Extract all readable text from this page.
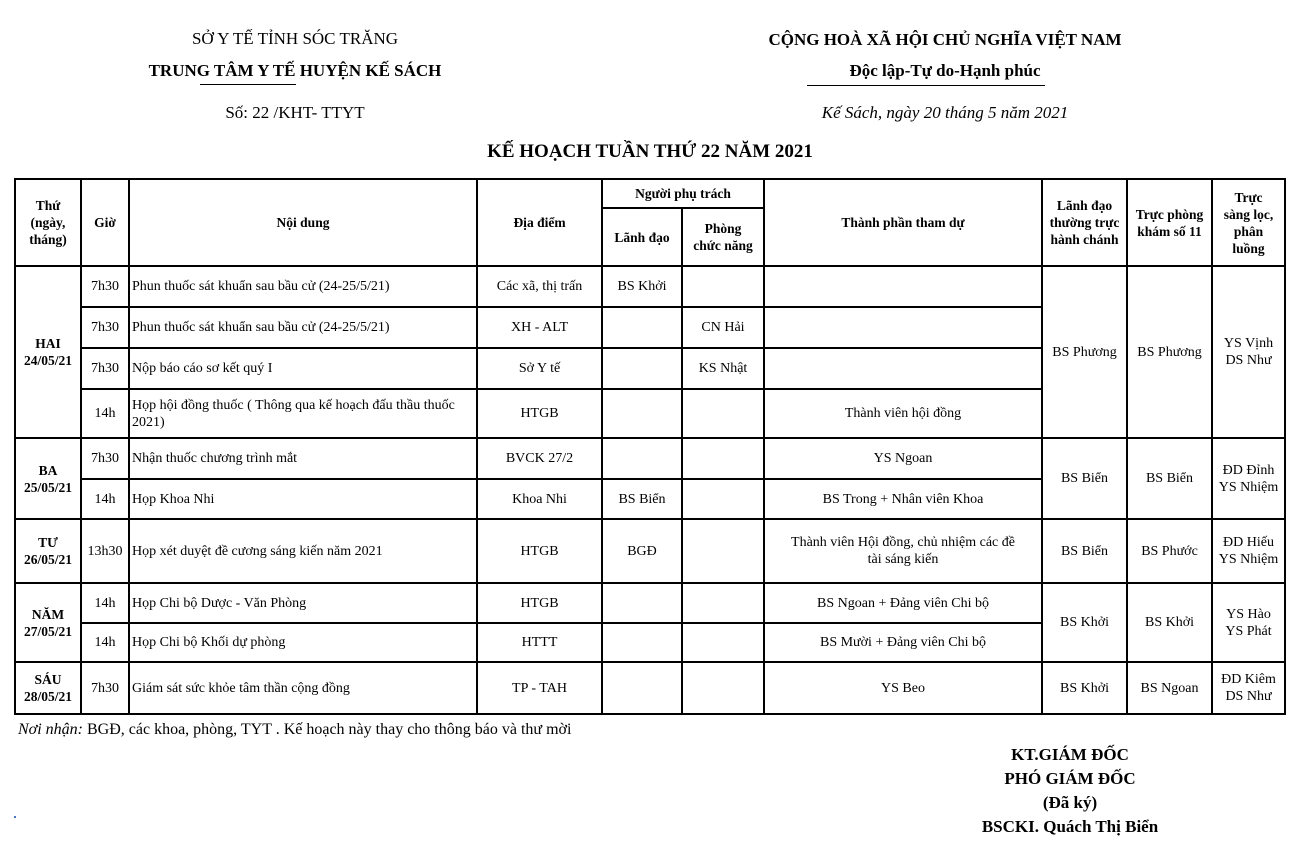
SỞ Y TẾ TỈNH SÓC TRĂNG
TRUNG TÂM Y TẾ HUYỆN KẾ SÁCH
Số: 22 /KHT- TTYT
CỘNG HOÀ XÃ HỘI CHỦ NGHĨA VIỆT NAM
Độc lập-Tự do-Hạnh phúc
Kế Sách, ngày 20 tháng 5 năm 2021
KẾ HOẠCH TUẦN THỨ 22 NĂM 2021
Thứ
(ngày,
tháng)	Giờ	Nội dung	Địa điểm	Người phụ trách		Thành phần tham dự	Lãnh đạo
thường trực
hành chánh	Trực phòng
khám số 11	Trực
sàng lọc,
phân
luồng

				Lãnh đạo	Phòng
chức năng				

HAI
24/05/21	7h30	Phun thuốc sát khuẩn sau bầu cử (24-25/5/21)	Các xã, thị trấn	BS Khởi			BS Phương	BS Phương	YS Vịnh
DS Như

	7h30	Phun thuốc sát khuẩn sau bầu cử (24-25/5/21)	XH - ALT		CN Hải				
	7h30	Nộp báo cáo sơ kết quý I	Sở Y tế		KS Nhật				
	14h	Họp hội đồng thuốc ( Thông qua kế hoạch đấu thầu thuốc 2021)	HTGB			Thành viên hội đồng			

BA
25/05/21	7h30	Nhận thuốc chương trình mắt	BVCK 27/2			YS Ngoan	BS Biển	BS Biển	ĐD Đỉnh
YS Nhiệm

	14h	Họp Khoa Nhi	Khoa Nhi	BS Biển		BS Trong + Nhân viên Khoa			

TƯ
26/05/21	13h30	Họp xét duyệt đề cương sáng kiến năm 2021	HTGB	BGĐ		Thành viên Hội đồng, chủ nhiệm các đề tài sáng kiến	BS Biển	BS Phước	ĐD Hiếu
YS Nhiệm

NĂM
27/05/21	14h	Họp Chi bộ Dược - Văn Phòng	HTGB			BS Ngoan + Đảng viên Chi bộ	BS Khởi	BS Khởi	YS Hào
YS Phát

	14h	Họp Chi bộ Khối dự phòng	HTTT			BS Mười + Đảng viên Chi bộ			

SÁU
28/05/21	7h30	Giám sát sức khỏe tâm thần cộng đồng	TP - TAH			YS Beo	BS Khởi	BS Ngoan	ĐD Kiêm
DS Như
Nơi nhận: BGĐ, các khoa, phòng, TYT . Kế hoạch này thay cho thông báo và thư mời
KT.GIÁM ĐỐC
PHÓ GIÁM ĐỐC
(Đã ký)
BSCKI. Quách Thị Biển
